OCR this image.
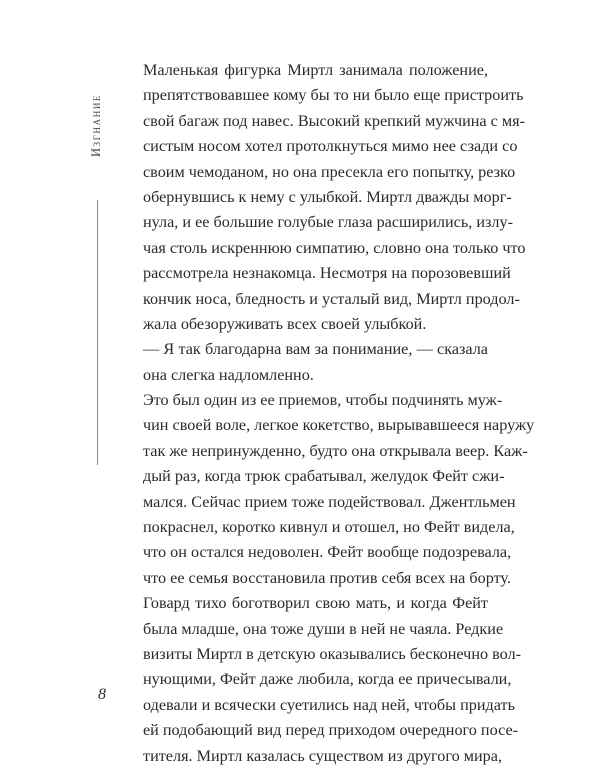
Изгнание
Маленькая фигурка Миртл занимала положение,
препятствовавшее кому бы то ни было еще пристроить
свой багаж под навес. Высокий крепкий мужчина с мя-
систым носом хотел протолкнуться мимо нее сзади со
своим чемоданом, но она пресекла его попытку, резко
обернувшись к нему с улыбкой. Миртл дважды морг-
нула, и ее большие голубые глаза расширились, излу-
чая столь искреннюю симпатию, словно она только что
рассмотрела незнакомца. Несмотря на порозовевший
кончик носа, бледность и усталый вид, Миртл продол-
жала обезоруживать всех своей улыбкой.
— Я так благодарна вам за понимание, — сказала
она слегка надломленно.
Это был один из ее приемов, чтобы подчинять муж-
чин своей воле, легкое кокетство, вырывавшееся наружу
так же непринужденно, будто она открывала веер. Каж-
дый раз, когда трюк срабатывал, желудок Фейт сжи-
мался. Сейчас прием тоже подействовал. Джентльмен
покраснел, коротко кивнул и отошел, но Фейт видела,
что он остался недоволен. Фейт вообще подозревала,
что ее семья восстановила против себя всех на борту.
Говард тихо боготворил свою мать, и когда Фейт
была младше, она тоже души в ней не чаяла. Редкие
визиты Миртл в детскую оказывались бесконечно вол-
нующими, Фейт даже любила, когда ее причесывали,
одевали и всячески суетились над ней, чтобы придать
ей подобающий вид перед приходом очередного посе-
тителя. Миртл казалась существом из другого мира,
8
